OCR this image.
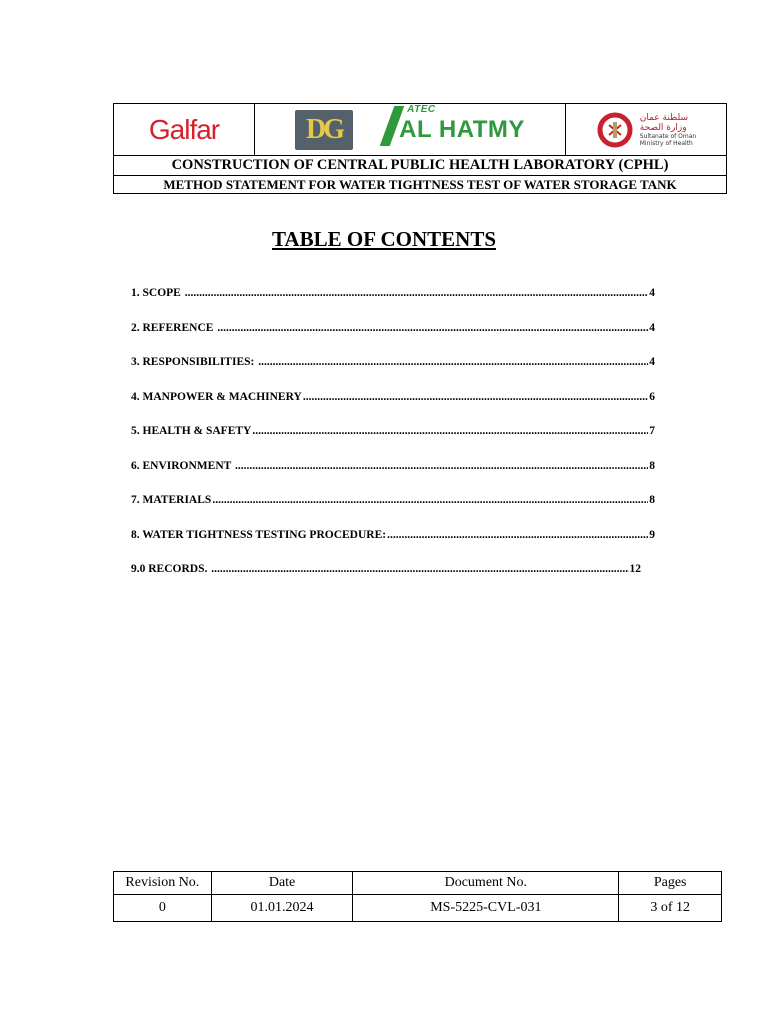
Galfar	DG
ATEC
AL HATMY	سلطنة عمان
وزارة الصحة
Sultanate of Oman
Ministry of Health

CONSTRUCTION OF CENTRAL PUBLIC HEALTH LABORATORY (CPHL)
METHOD STATEMENT FOR WATER TIGHTNESS TEST OF WATER STORAGE TANK
TABLE OF CONTENTS
1. SCOPE .....	4
2. REFERENCE .....	4
3. RESPONSIBILITIES: .....	4
4. MANPOWER & MACHINERY .....	6
5. HEALTH & SAFETY .....	7
6. ENVIRONMENT .....	8
7. MATERIALS .....	8
8. WATER TIGHTNESS TESTING PROCEDURE: .....	9
9.0 RECORDS. .....	12
Revision No.	Date	Document No.	Pages
0	01.01.2024	MS-5225-CVL-031	3 of 12
